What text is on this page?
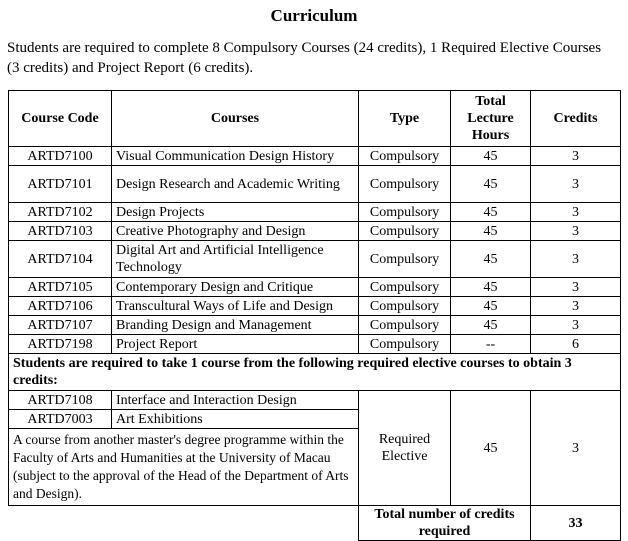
Curriculum
Students are required to complete 8 Compulsory Courses (24 credits), 1 Required Elective Courses (3 credits) and Project Report (6 credits).
Course Code	Courses	Type	Total Lecture Hours	Credits
ARTD7100	Visual Communication Design History	Compulsory	45	3
ARTD7101	Design Research and Academic Writing	Compulsory	45	3
ARTD7102	Design Projects	Compulsory	45	3
ARTD7103	Creative Photography and Design	Compulsory	45	3
ARTD7104	Digital Art and Artificial Intelligence Technology	Compulsory	45	3
ARTD7105	Contemporary Design and Critique	Compulsory	45	3
ARTD7106	Transcultural Ways of Life and Design	Compulsory	45	3
ARTD7107	Branding Design and Management	Compulsory	45	3
ARTD7198	Project Report	Compulsory	--	6
Students are required to take 1 course from the following required elective courses to obtain 3 credits:				
ARTD7108	Interface and Interaction Design	Required Elective	45	3
ARTD7003	Art Exhibitions			
A course from another master's degree programme within the Faculty of Arts and Humanities at the University of Macau (subject to the approval of the Head of the Department of Arts and Design).				
		Total number of credits required		33
